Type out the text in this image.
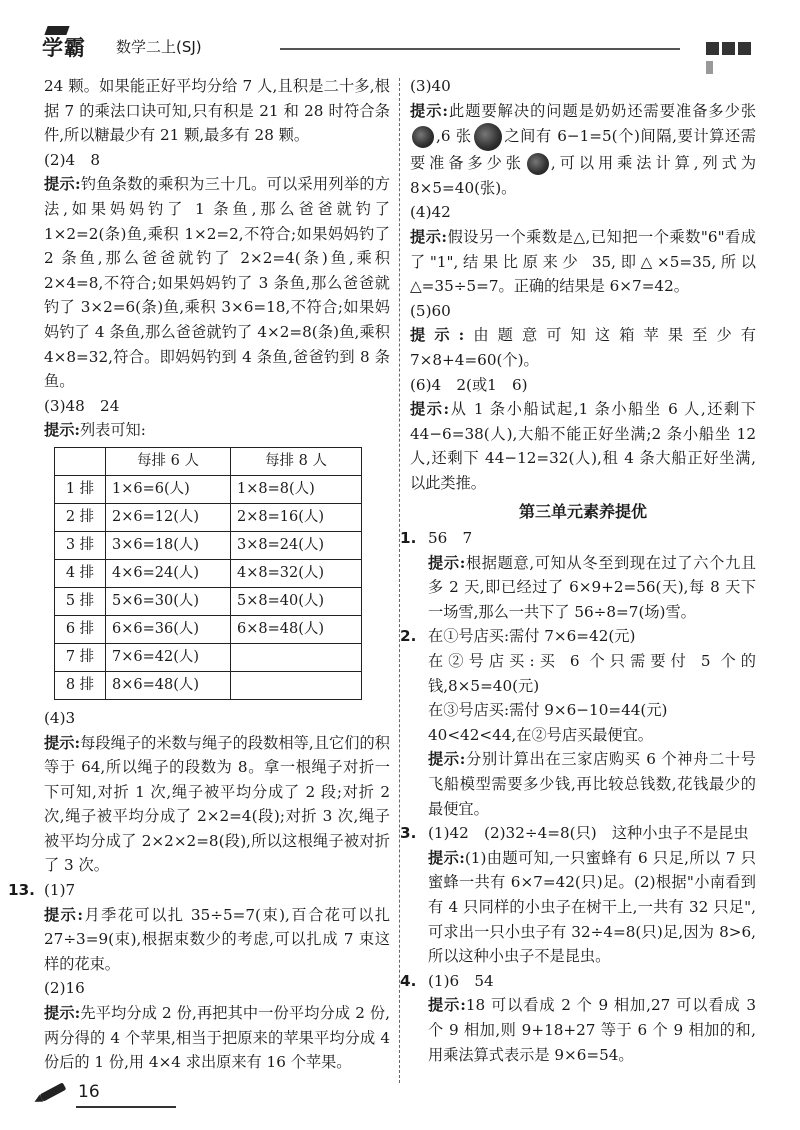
学霸 数学二上(SJ)

24 颗。如果能正好平均分给 7 人,且积是二十多,根据 7 的乘法口诀可知,只有积是 21 和 28 时符合条件,所以糖最少有 21 颗,最多有 28 颗。

(2)4　8

提示:钓鱼条数的乘积为三十几。可以采用列举的方法,如果妈妈钓了 1 条鱼,那么爸爸就钓了 1×2=2(条)鱼,乘积 1×2=2,不符合;如果妈妈钓了 2 条鱼,那么爸爸就钓了 2×2=4(条)鱼,乘积 2×4=8,不符合;如果妈妈钓了 3 条鱼,那么爸爸就钓了 3×2=6(条)鱼,乘积 3×6=18,不符合;如果妈妈钓了 4 条鱼,那么爸爸就钓了 4×2=8(条)鱼,乘积 4×8=32,符合。即妈妈钓到 4 条鱼,爸爸钓到 8 条鱼。

(3)48　24

提示:列表可知:

	每排 6 人	每排 8 人
1 排	1×6=6(人)	1×8=8(人)
2 排	2×6=12(人)	2×8=16(人)
3 排	3×6=18(人)	3×8=24(人)
4 排	4×6=24(人)	4×8=32(人)
5 排	5×6=30(人)	5×8=40(人)
6 排	6×6=36(人)	6×8=48(人)
7 排	7×6=42(人)	
8 排	8×6=48(人)	

(4)3

提示:每段绳子的米数与绳子的段数相等,且它们的积等于 64,所以绳子的段数为 8。拿一根绳子对折一下可知,对折 1 次,绳子被平均分成了 2 段;对折 2 次,绳子被平均分成了 2×2=4(段);对折 3 次,绳子被平均分成了 2×2×2=8(段),所以这根绳子被对折了 3 次。

13. (1)7

提示:月季花可以扎 35÷5=7(束),百合花可以扎 27÷3=9(束),根据束数少的考虑,可以扎成 7 束这样的花束。

(2)16

提示:先平均分成 2 份,再把其中一份平均分成 2 份,两分得的 4 个苹果,相当于把原来的苹果平均分成 4 份后的 1 份,用 4×4 求出原来有 16 个苹果。

(3)40

提示:此题要解决的问题是奶奶还需要准备多少张,6 张 之间有 6−1=5(个)间隔,要计算还需要准备多少张 ,可以用乘法计算,列式为 8×5=40(张)。

(4)42

提示:假设另一个乘数是△,已知把一个乘数"6"看成了"1",结果比原来少 35,即△×5=35,所以△=35÷5=7。正确的结果是 6×7=42。

(5)60

提示:由题意可知这箱苹果至少有 7×8+4=60(个)。

(6)4　2(或1　6)

提示:从 1 条小船试起,1 条小船坐 6 人,还剩下 44−6=38(人),大船不能正好坐满;2 条小船坐 12 人,还剩下 44−12=32(人),租 4 条大船正好坐满,以此类推。

第三单元素养提优
1. 56　7

提示:根据题意,可知从冬至到现在过了六个九且多 2 天,即已经过了 6×9+2=56(天),每 8 天下一场雪,那么一共下了 56÷8=7(场)雪。

2. 在①号店买:需付 7×6=42(元)

在②号店买:买 6 个只需要付 5 个的钱,8×5=40(元)

在③号店买:需付 9×6−10=44(元)

40<42<44,在②号店买最便宜。

提示:分别计算出在三家店购买 6 个神舟二十号飞船模型需要多少钱,再比较总钱数,花钱最少的最便宜。

3. (1)42　(2)32÷4=8(只)　这种小虫子不是昆虫

提示:(1)由题可知,一只蜜蜂有 6 只足,所以 7 只蜜蜂一共有 6×7=42(只)足。(2)根据"小南看到有 4 只同样的小虫子在树干上,一共有 32 只足",可求出一只小虫子有 32÷4=8(只)足,因为 8>6,所以这种小虫子不是昆虫。

4. (1)6　54

提示:18 可以看成 2 个 9 相加,27 可以看成 3 个 9 相加,则 9+18+27 等于 6 个 9 相加的和,用乘法算式表示是 9×6=54。

16
